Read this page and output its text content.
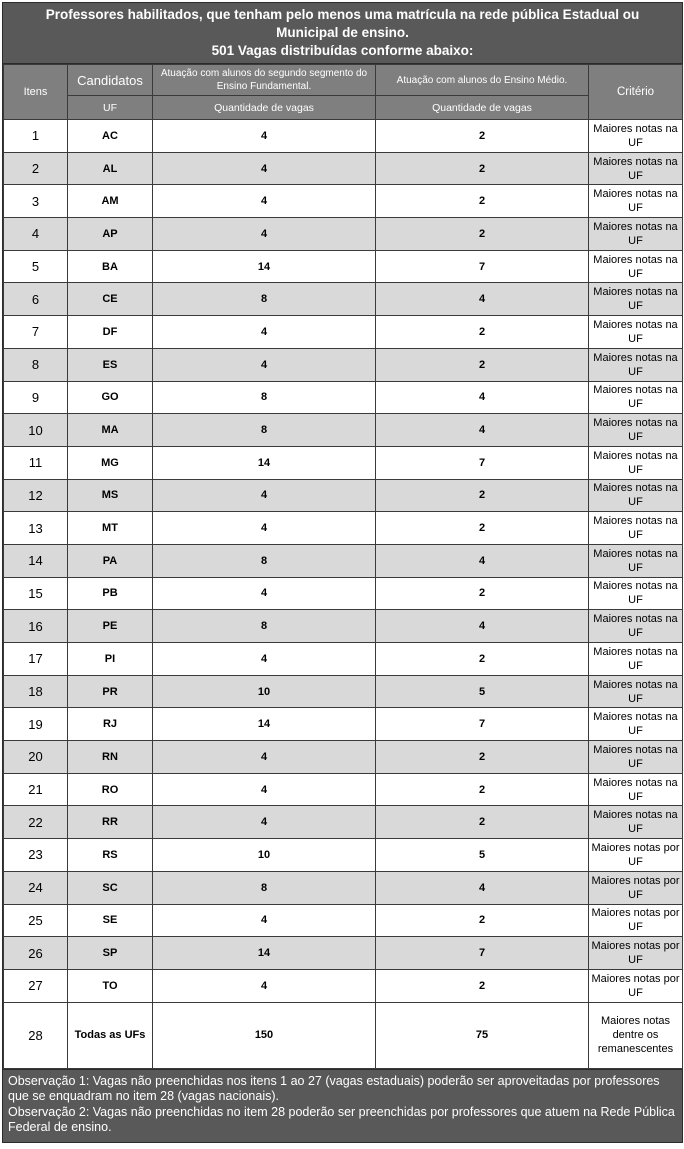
Professores habilitados, que tenham pelo menos uma matrícula na rede pública Estadual ou
Municipal de ensino.
501 Vagas distribuídas conforme abaixo:
Itens	Candidatos	Atuação com alunos do segundo segmento do Ensino Fundamental.	Atuação com alunos do Ensino Médio.	Critério
	UF	Quantidade de vagas	Quantidade de vagas	
1	AC	4	2	Maiores notas na UF
2	AL	4	2	Maiores notas na UF
3	AM	4	2	Maiores notas na UF
4	AP	4	2	Maiores notas na UF
5	BA	14	7	Maiores notas na UF
6	CE	8	4	Maiores notas na UF
7	DF	4	2	Maiores notas na UF
8	ES	4	2	Maiores notas na UF
9	GO	8	4	Maiores notas na UF
10	MA	8	4	Maiores notas na UF
11	MG	14	7	Maiores notas na UF
12	MS	4	2	Maiores notas na UF
13	MT	4	2	Maiores notas na UF
14	PA	8	4	Maiores notas na UF
15	PB	4	2	Maiores notas na UF
16	PE	8	4	Maiores notas na UF
17	PI	4	2	Maiores notas na UF
18	PR	10	5	Maiores notas na UF
19	RJ	14	7	Maiores notas na UF
20	RN	4	2	Maiores notas na UF
21	RO	4	2	Maiores notas na UF
22	RR	4	2	Maiores notas na UF
23	RS	10	5	Maiores notas por UF
24	SC	8	4	Maiores notas por UF
25	SE	4	2	Maiores notas por UF
26	SP	14	7	Maiores notas por UF
27	TO	4	2	Maiores notas por UF
28	Todas as UFs	150	75	Maiores notas dentre os remanescentes
Observação 1: Vagas não preenchidas nos itens 1 ao 27 (vagas estaduais) poderão ser aproveitadas por professores que se enquadram no item 28 (vagas nacionais).
Observação 2: Vagas não preenchidas no item 28 poderão ser preenchidas por professores que atuem na Rede Pública Federal de ensino.
